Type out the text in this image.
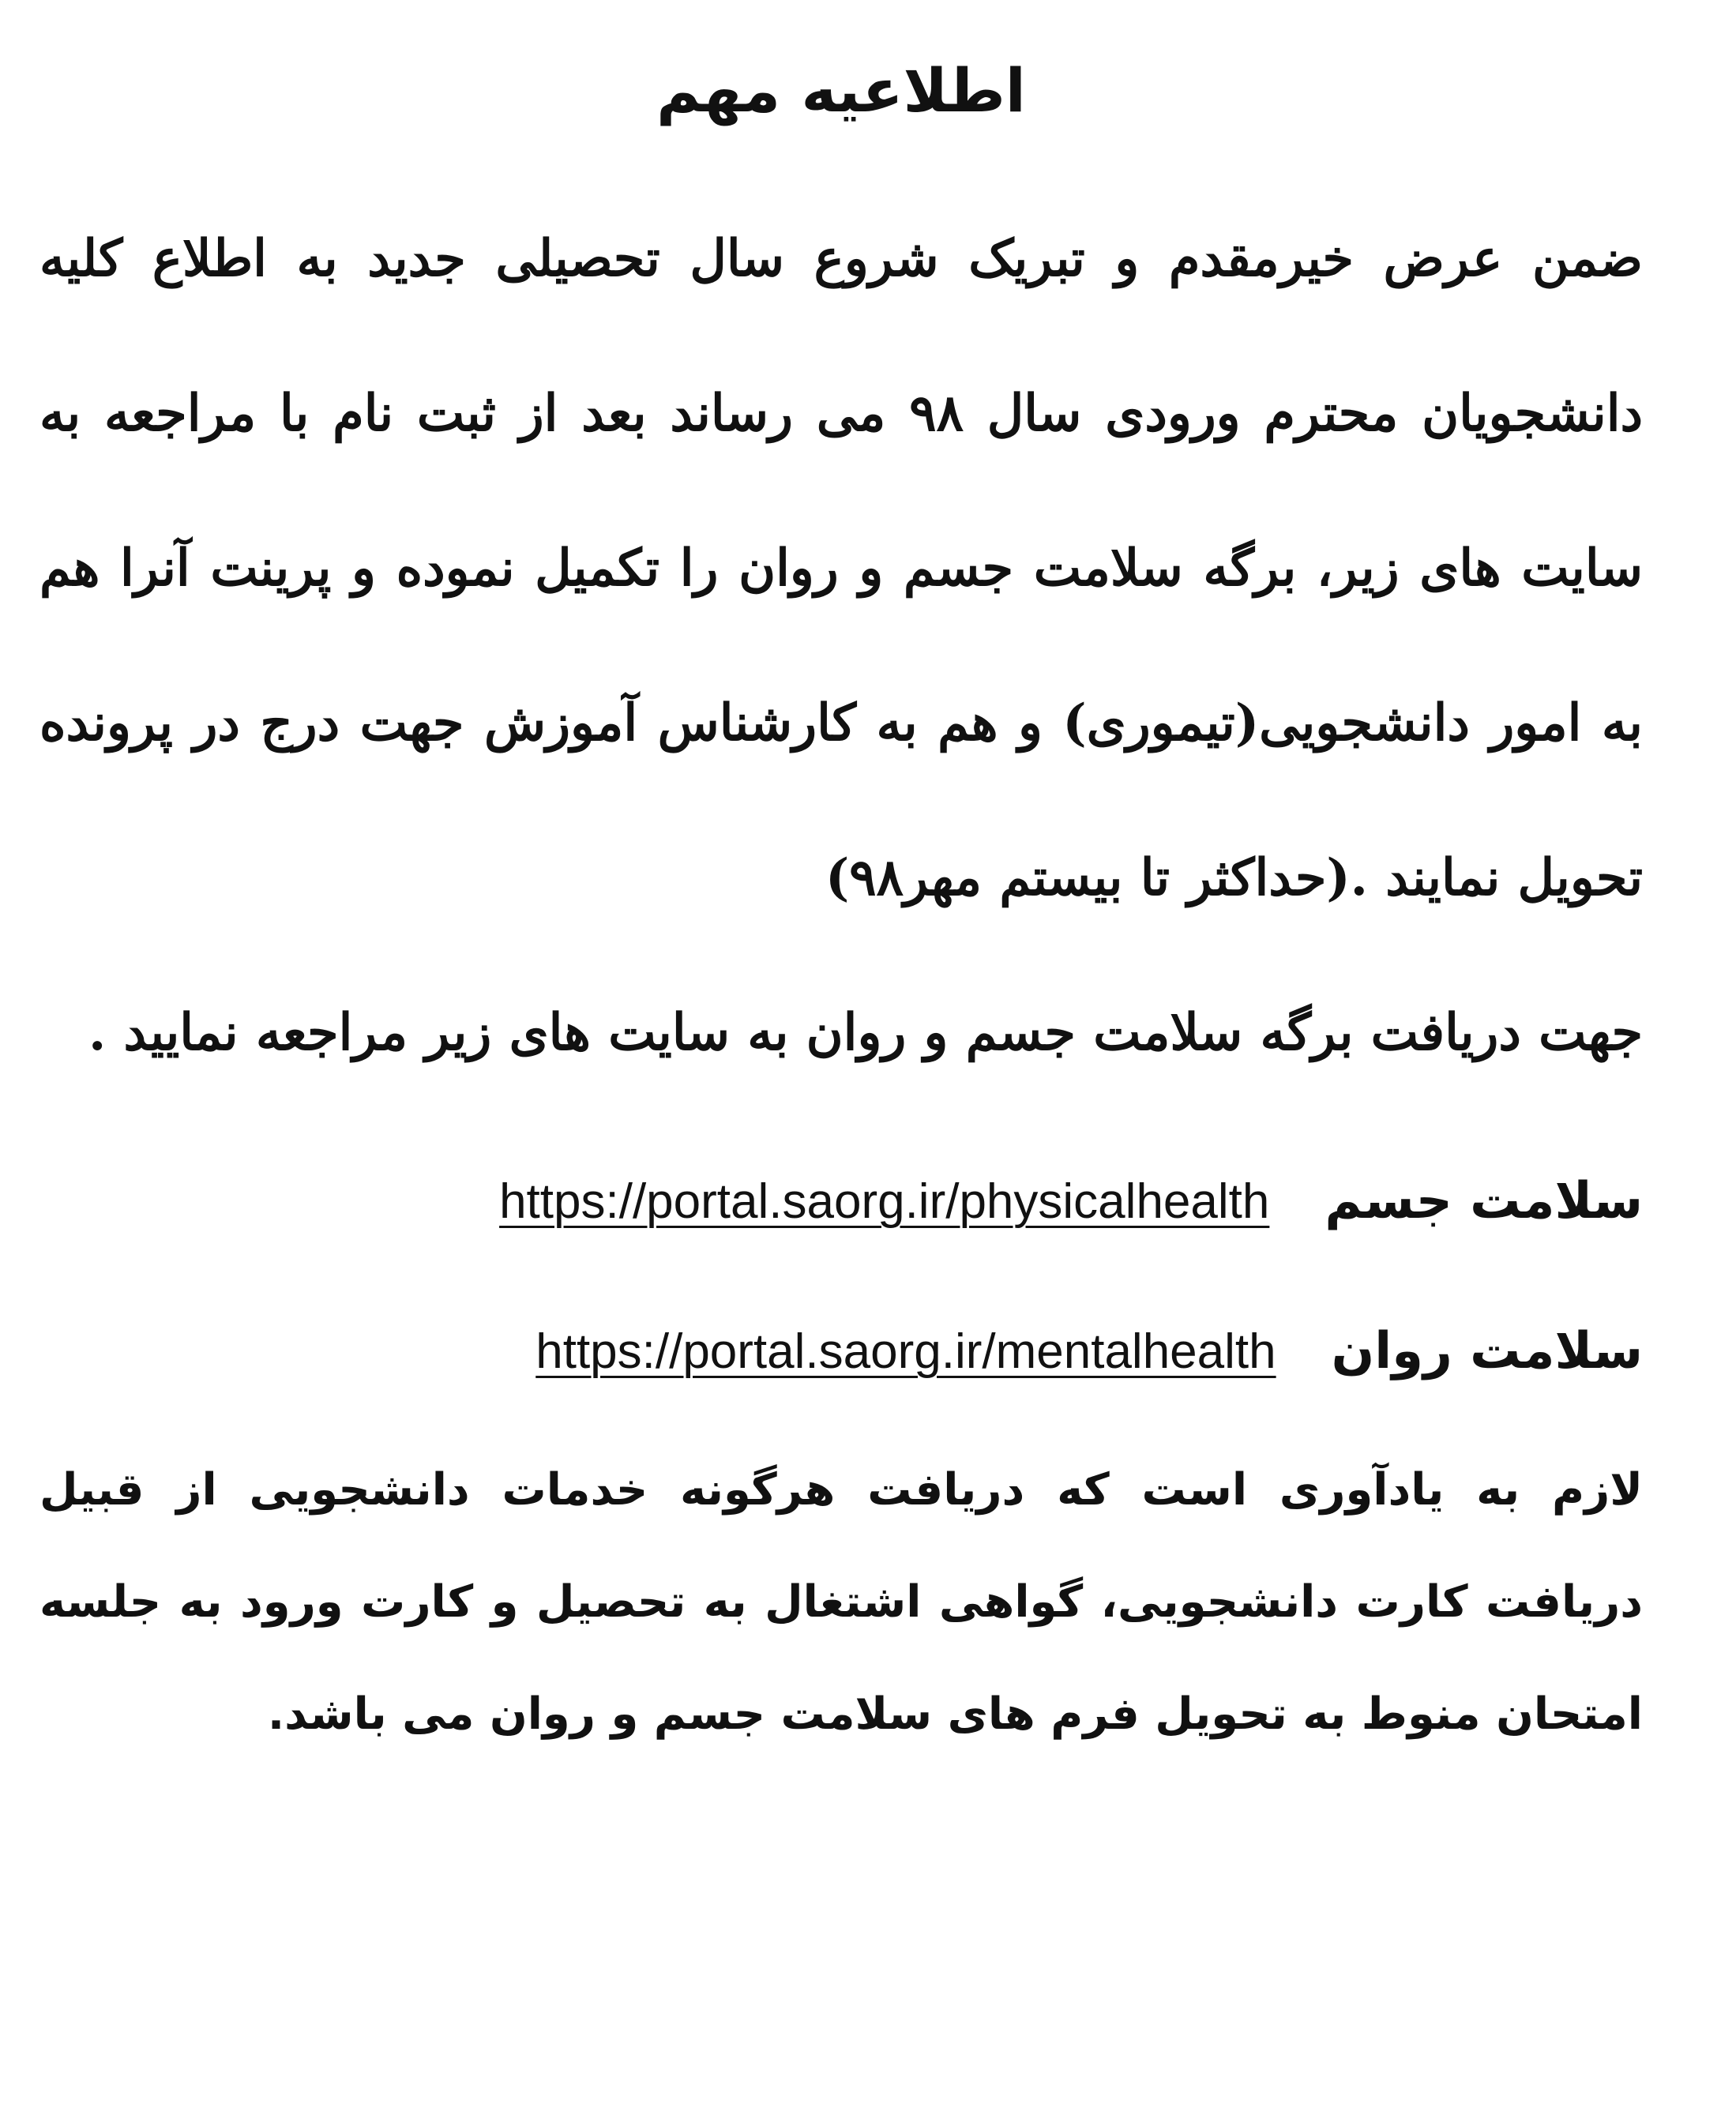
اطلاعیه مهم

ضمن عرض خیرمقدم و تبریک شروع سال تحصیلی جدید به اطلاع کلیه دانشجویان محترم ورودی سال ۹۸ می رساند بعد از ثبت نام با مراجعه به سایت های زیر، برگه سلامت جسم و روان را تکمیل نموده و پرینت آنرا هم به امور دانشجویی(تیموری) و هم به کارشناس آموزش جهت درج در پرونده تحویل نمایند .(حداکثر تا بیستم مهر۹۸)

جهت دریافت برگه سلامت جسم و روان به سایت های زیر مراجعه نمایید .

سلامت جسم
https://portal.saorg.ir/physicalhealth
سلامت روان
https://portal.saorg.ir/mentalhealth

لازم به یادآوری است که دریافت هرگونه خدمات دانشجویی از قبیل دریافت کارت دانشجویی، گواهی اشتغال به تحصیل و کارت ورود به جلسه امتحان منوط به تحویل فرم های سلامت جسم و روان می باشد.
